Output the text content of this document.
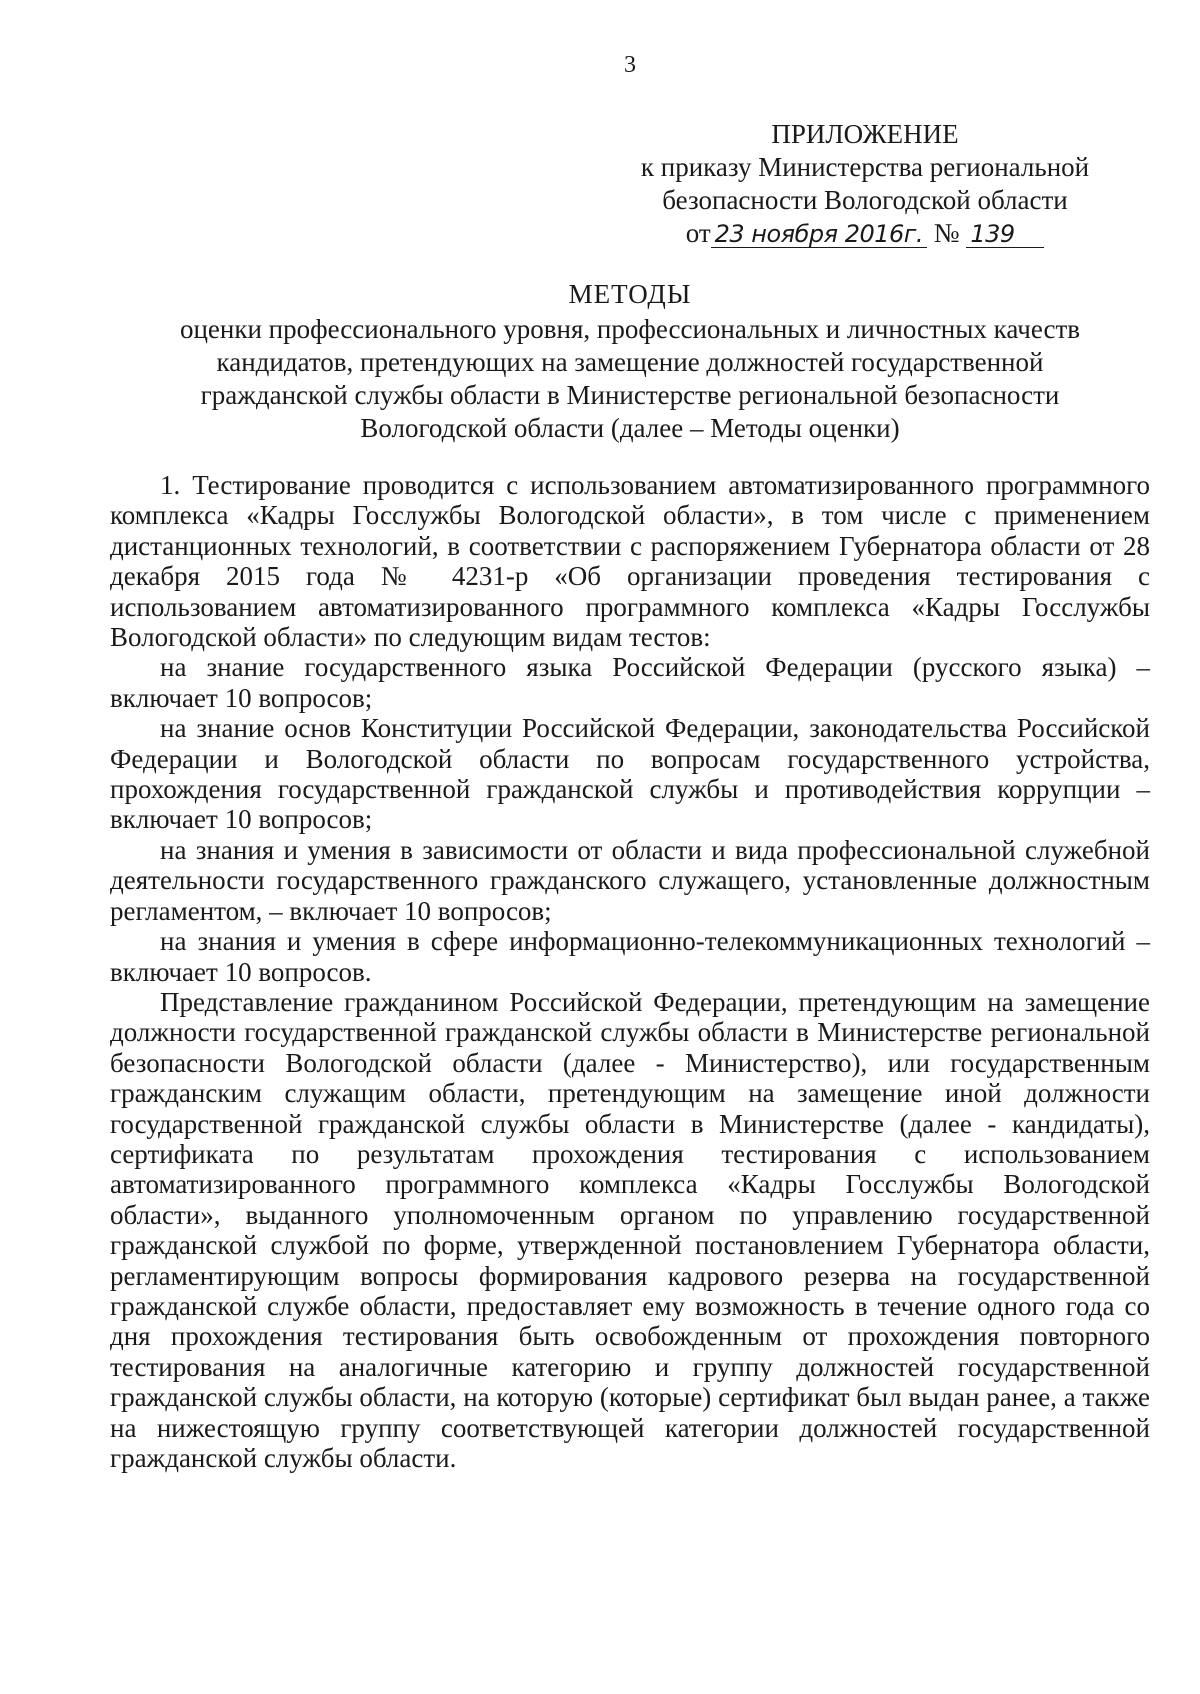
3
ПРИЛОЖЕНИЕ
к приказу Министерства региональной
безопасности Вологодской области
от 23 ноября 2016г. № 139
МЕТОДЫ
оценки профессионального уровня, профессиональных и личностных качеств
кандидатов, претендующих на замещение должностей государственной
гражданской службы области в Министерстве региональной безопасности
Вологодской области (далее – Методы оценки)

1. Тестирование проводится с использованием автоматизированного программного комплекса «Кадры Госслужбы Вологодской области», в том числе с применением дистанционных технологий, в соответствии с распоряжением Губернатора области от 28 декабря 2015 года № 4231-р «Об организации проведения тестирования с использованием автоматизированного программного комплекса «Кадры Госслужбы Вологодской области» по следующим видам тестов:

на знание государственного языка Российской Федерации (русского языка) – включает 10 вопросов;

на знание основ Конституции Российской Федерации, законодательства Российской Федерации и Вологодской области по вопросам государственного устройства, прохождения государственной гражданской службы и противодействия коррупции – включает 10 вопросов;

на знания и умения в зависимости от области и вида профессиональной служебной деятельности государственного гражданского служащего, установленные должностным регламентом, – включает 10 вопросов;

на знания и умения в сфере информационно-телекоммуникационных технологий – включает 10 вопросов.

Представление гражданином Российской Федерации, претендующим на замещение должности государственной гражданской службы области в Министерстве региональной безопасности Вологодской области (далее - Министерство), или государственным гражданским служащим области, претендующим на замещение иной должности государственной гражданской службы области в Министерстве (далее - кандидаты), сертификата по результатам прохождения тестирования с использованием автоматизированного программного комплекса «Кадры Госслужбы Вологодской области», выданного уполномоченным органом по управлению государственной гражданской службой по форме, утвержденной постановлением Губернатора области, регламентирующим вопросы формирования кадрового резерва на государственной гражданской службе области, предоставляет ему возможность в течение одного года со дня прохождения тестирования быть освобожденным от прохождения повторного тестирования на аналогичные категорию и группу должностей государственной гражданской службы области, на которую (которые) сертификат был выдан ранее, а также на нижестоящую группу соответствующей категории должностей государственной гражданской службы области.
